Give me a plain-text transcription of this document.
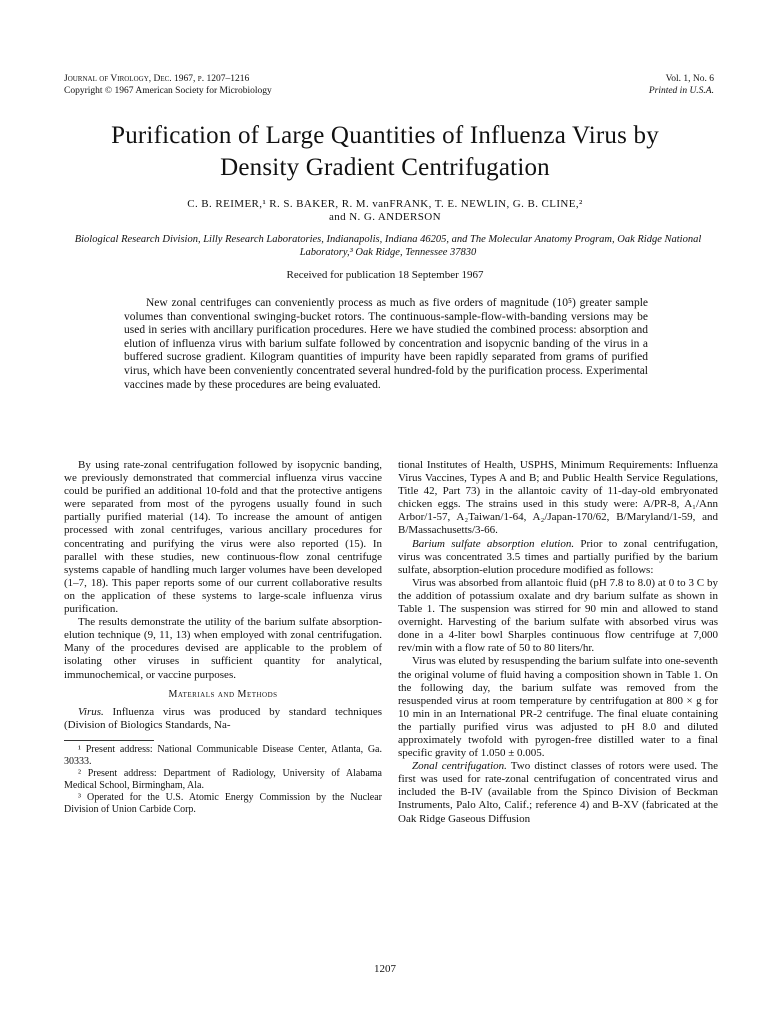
Journal of Virology, Dec. 1967, p. 1207–1216
Copyright © 1967 American Society for Microbiology
Vol. 1, No. 6
Printed in U.S.A.
Purification of Large Quantities of Influenza Virus by
Density Gradient Centrifugation
C. B. REIMER,¹ R. S. BAKER, R. M. vanFRANK, T. E. NEWLIN, G. B. CLINE,²
and N. G. ANDERSON
Biological Research Division, Lilly Research Laboratories, Indianapolis, Indiana 46205, and The Molecular Anatomy Program, Oak Ridge National Laboratory,³ Oak Ridge, Tennessee 37830
Received for publication 18 September 1967

New zonal centrifuges can conveniently process as much as five orders of magnitude (10⁵) greater sample volumes than conventional swinging-bucket rotors. The continuous-sample-flow-with-banding versions may be used in series with ancillary purification procedures. Here we have studied the combined process: absorption and elution of influenza virus with barium sulfate followed by concentration and isopycnic banding of the virus in a buffered sucrose gradient. Kilogram quantities of impurity have been rapidly separated from grams of purified virus, which have been conveniently concentrated several hundred-fold by the purification process. Experimental vaccines made by these procedures are being evaluated.

By using rate-zonal centrifugation followed by isopycnic banding, we previously demonstrated that commercial influenza virus vaccine could be purified an additional 10-fold and that the protective antigens were separated from most of the pyrogens usually found in such partially purified material (14). To increase the amount of antigen processed with zonal centrifuges, various ancillary procedures for concentrating and purifying the virus were also reported (15). In parallel with these studies, new continuous-flow zonal centrifuge systems capable of handling much larger volumes have been developed (1–7, 18). This paper reports some of our current collaborative results on the application of these systems to large-scale influenza virus purification.

The results demonstrate the utility of the barium sulfate absorption-elution technique (9, 11, 13) when employed with zonal centrifugation. Many of the procedures devised are applicable to the problem of isolating other viruses in sufficient quantity for analytical, immunochemical, or vaccine purposes.

Materials and Methods

Virus. Influenza virus was produced by standard techniques (Division of Biologics Standards, Na-

¹ Present address: National Communicable Disease Center, Atlanta, Ga. 30333.

² Present address: Department of Radiology, University of Alabama Medical School, Birmingham, Ala.

³ Operated for the U.S. Atomic Energy Commission by the Nuclear Division of Union Carbide Corp.

tional Institutes of Health, USPHS, Minimum Requirements: Influenza Virus Vaccines, Types A and B; and Public Health Service Regulations, Title 42, Part 73) in the allantoic cavity of 11-day-old embryonated chicken eggs. The strains used in this study were: A/PR-8, A₁/Ann Arbor/1-57, A₂Taiwan/1-64, A₂/Japan-170/62, B/Maryland/1-59, and B/Massachusetts/3-66.

Barium sulfate absorption elution. Prior to zonal centrifugation, virus was concentrated 3.5 times and partially purified by the barium sulfate, absorption-elution procedure modified as follows:

Virus was absorbed from allantoic fluid (pH 7.8 to 8.0) at 0 to 3 C by the addition of potassium oxalate and dry barium sulfate as shown in Table 1. The suspension was stirred for 90 min and allowed to stand overnight. Harvesting of the barium sulfate with absorbed virus was done in a 4-liter bowl Sharples continuous flow centrifuge at 7,000 rev/min with a flow rate of 50 to 80 liters/hr.

Virus was eluted by resuspending the barium sulfate into one-seventh the original volume of fluid having a composition shown in Table 1. On the following day, the barium sulfate was removed from the resuspended virus at room temperature by centrifugation at 800 × g for 10 min in an International PR-2 centrifuge. The final eluate containing the partially purified virus was adjusted to pH 8.0 and diluted approximately twofold with pyrogen-free distilled water to a final specific gravity of 1.050 ± 0.005.

Zonal centrifugation. Two distinct classes of rotors were used. The first was used for rate-zonal centrifugation of concentrated virus and included the B-IV (available from the Spinco Division of Beckman Instruments, Palo Alto, Calif.; reference 4) and B-XV (fabricated at the Oak Ridge Gaseous Diffusion

1207
